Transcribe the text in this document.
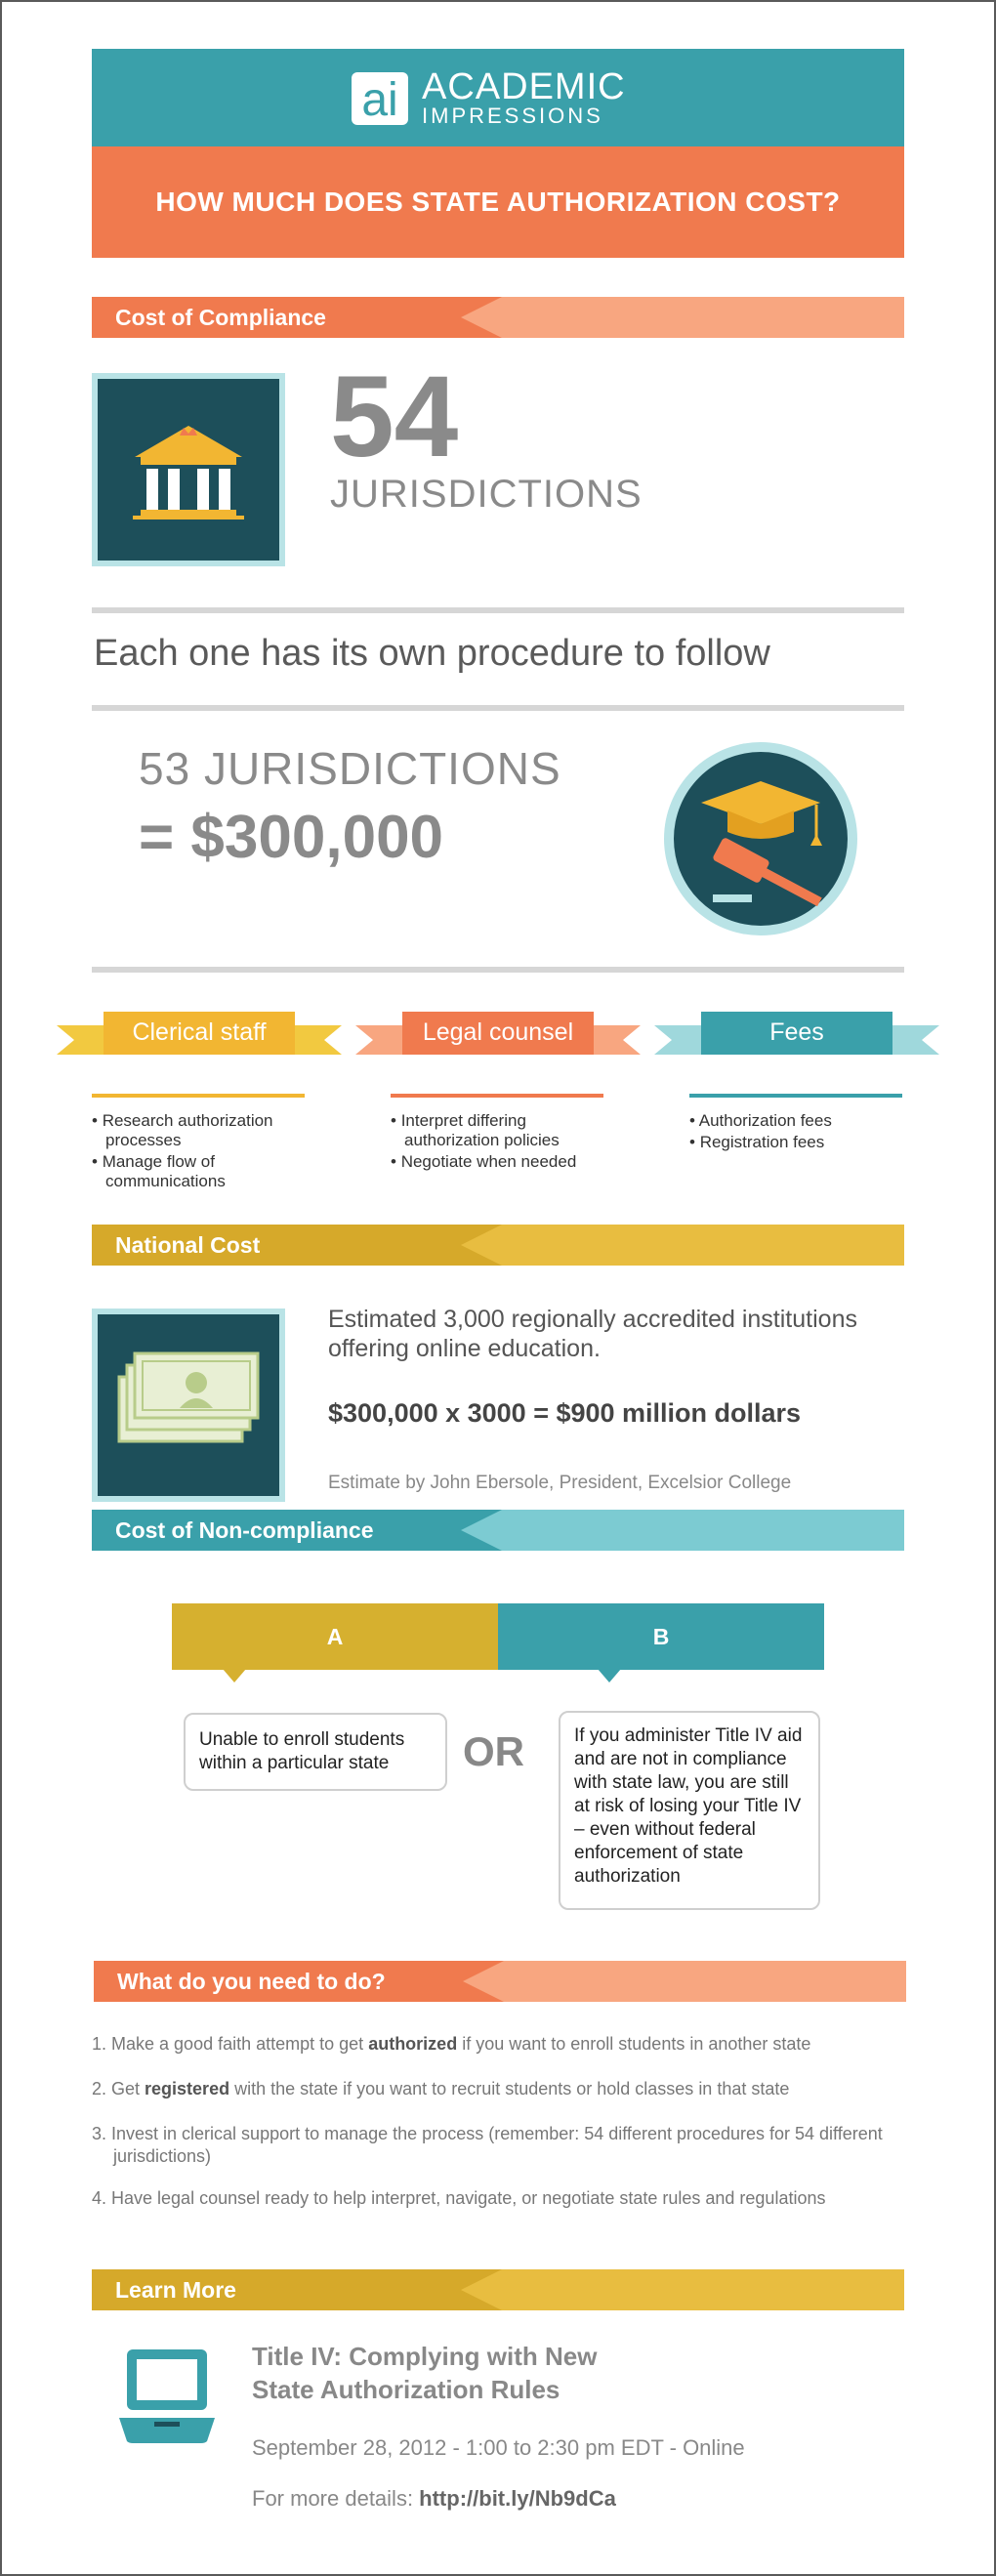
ai ACADEMIC
IMPRESSIONS
HOW MUCH DOES STATE AUTHORIZATION COST?
Cost of Compliance
54
JURISDICTIONS
Each one has its own procedure to follow
53 JURISDICTIONS
= $300,000
Clerical staff	Legal counsel	Fees
• Research authorization processes
• Manage flow of communications
• Interpret differing authorization policies
• Negotiate when needed
• Authorization fees
• Registration fees
National Cost
Estimated 3,000 regionally accredited institutions offering online education.
$300,000 x 3000 = $900 million dollars
Estimate by John Ebersole, President, Excelsior College
Cost of Non-compliance
A	B
Unable to enroll students within a particular state	OR	If you administer Title IV aid and are not in compliance with state law, you are still at risk of losing your Title IV – even without federal enforcement of state authorization
What do you need to do?
1. Make a good faith attempt to get authorized if you want to enroll students in another state
2. Get registered with the state if you want to recruit students or hold classes in that state
3. Invest in clerical support to manage the process (remember: 54 different procedures for 54 different jurisdictions)
4. Have legal counsel ready to help interpret, navigate, or negotiate state rules and regulations
Learn More
Title IV: Complying with New
State Authorization Rules
September 28, 2012 - 1:00 to 2:30 pm EDT - Online
For more details: http://bit.ly/Nb9dCa
